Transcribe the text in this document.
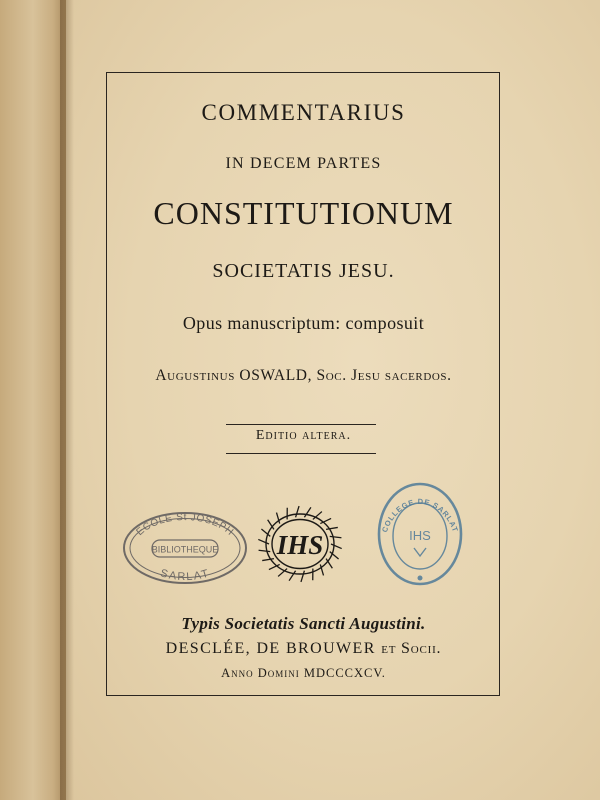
COMMENTARIUS
IN DECEM PARTES
CONSTITUTIONUM
SOCIETATIS JESU.
Opus manuscriptum: composuit
Augustinus OSWALD, Soc. Jesu sacerdos.
Editio altera.
ECOLE St JOSEPH
BIBLIOTHEQUE
SARLAT
IHS
COLLEGE DE SARLAT
IHS
Typis Societatis Sancti Augustini.
DESCLÉE, DE BROUWER et Socii.
Anno Domini MDCCCXCV.
